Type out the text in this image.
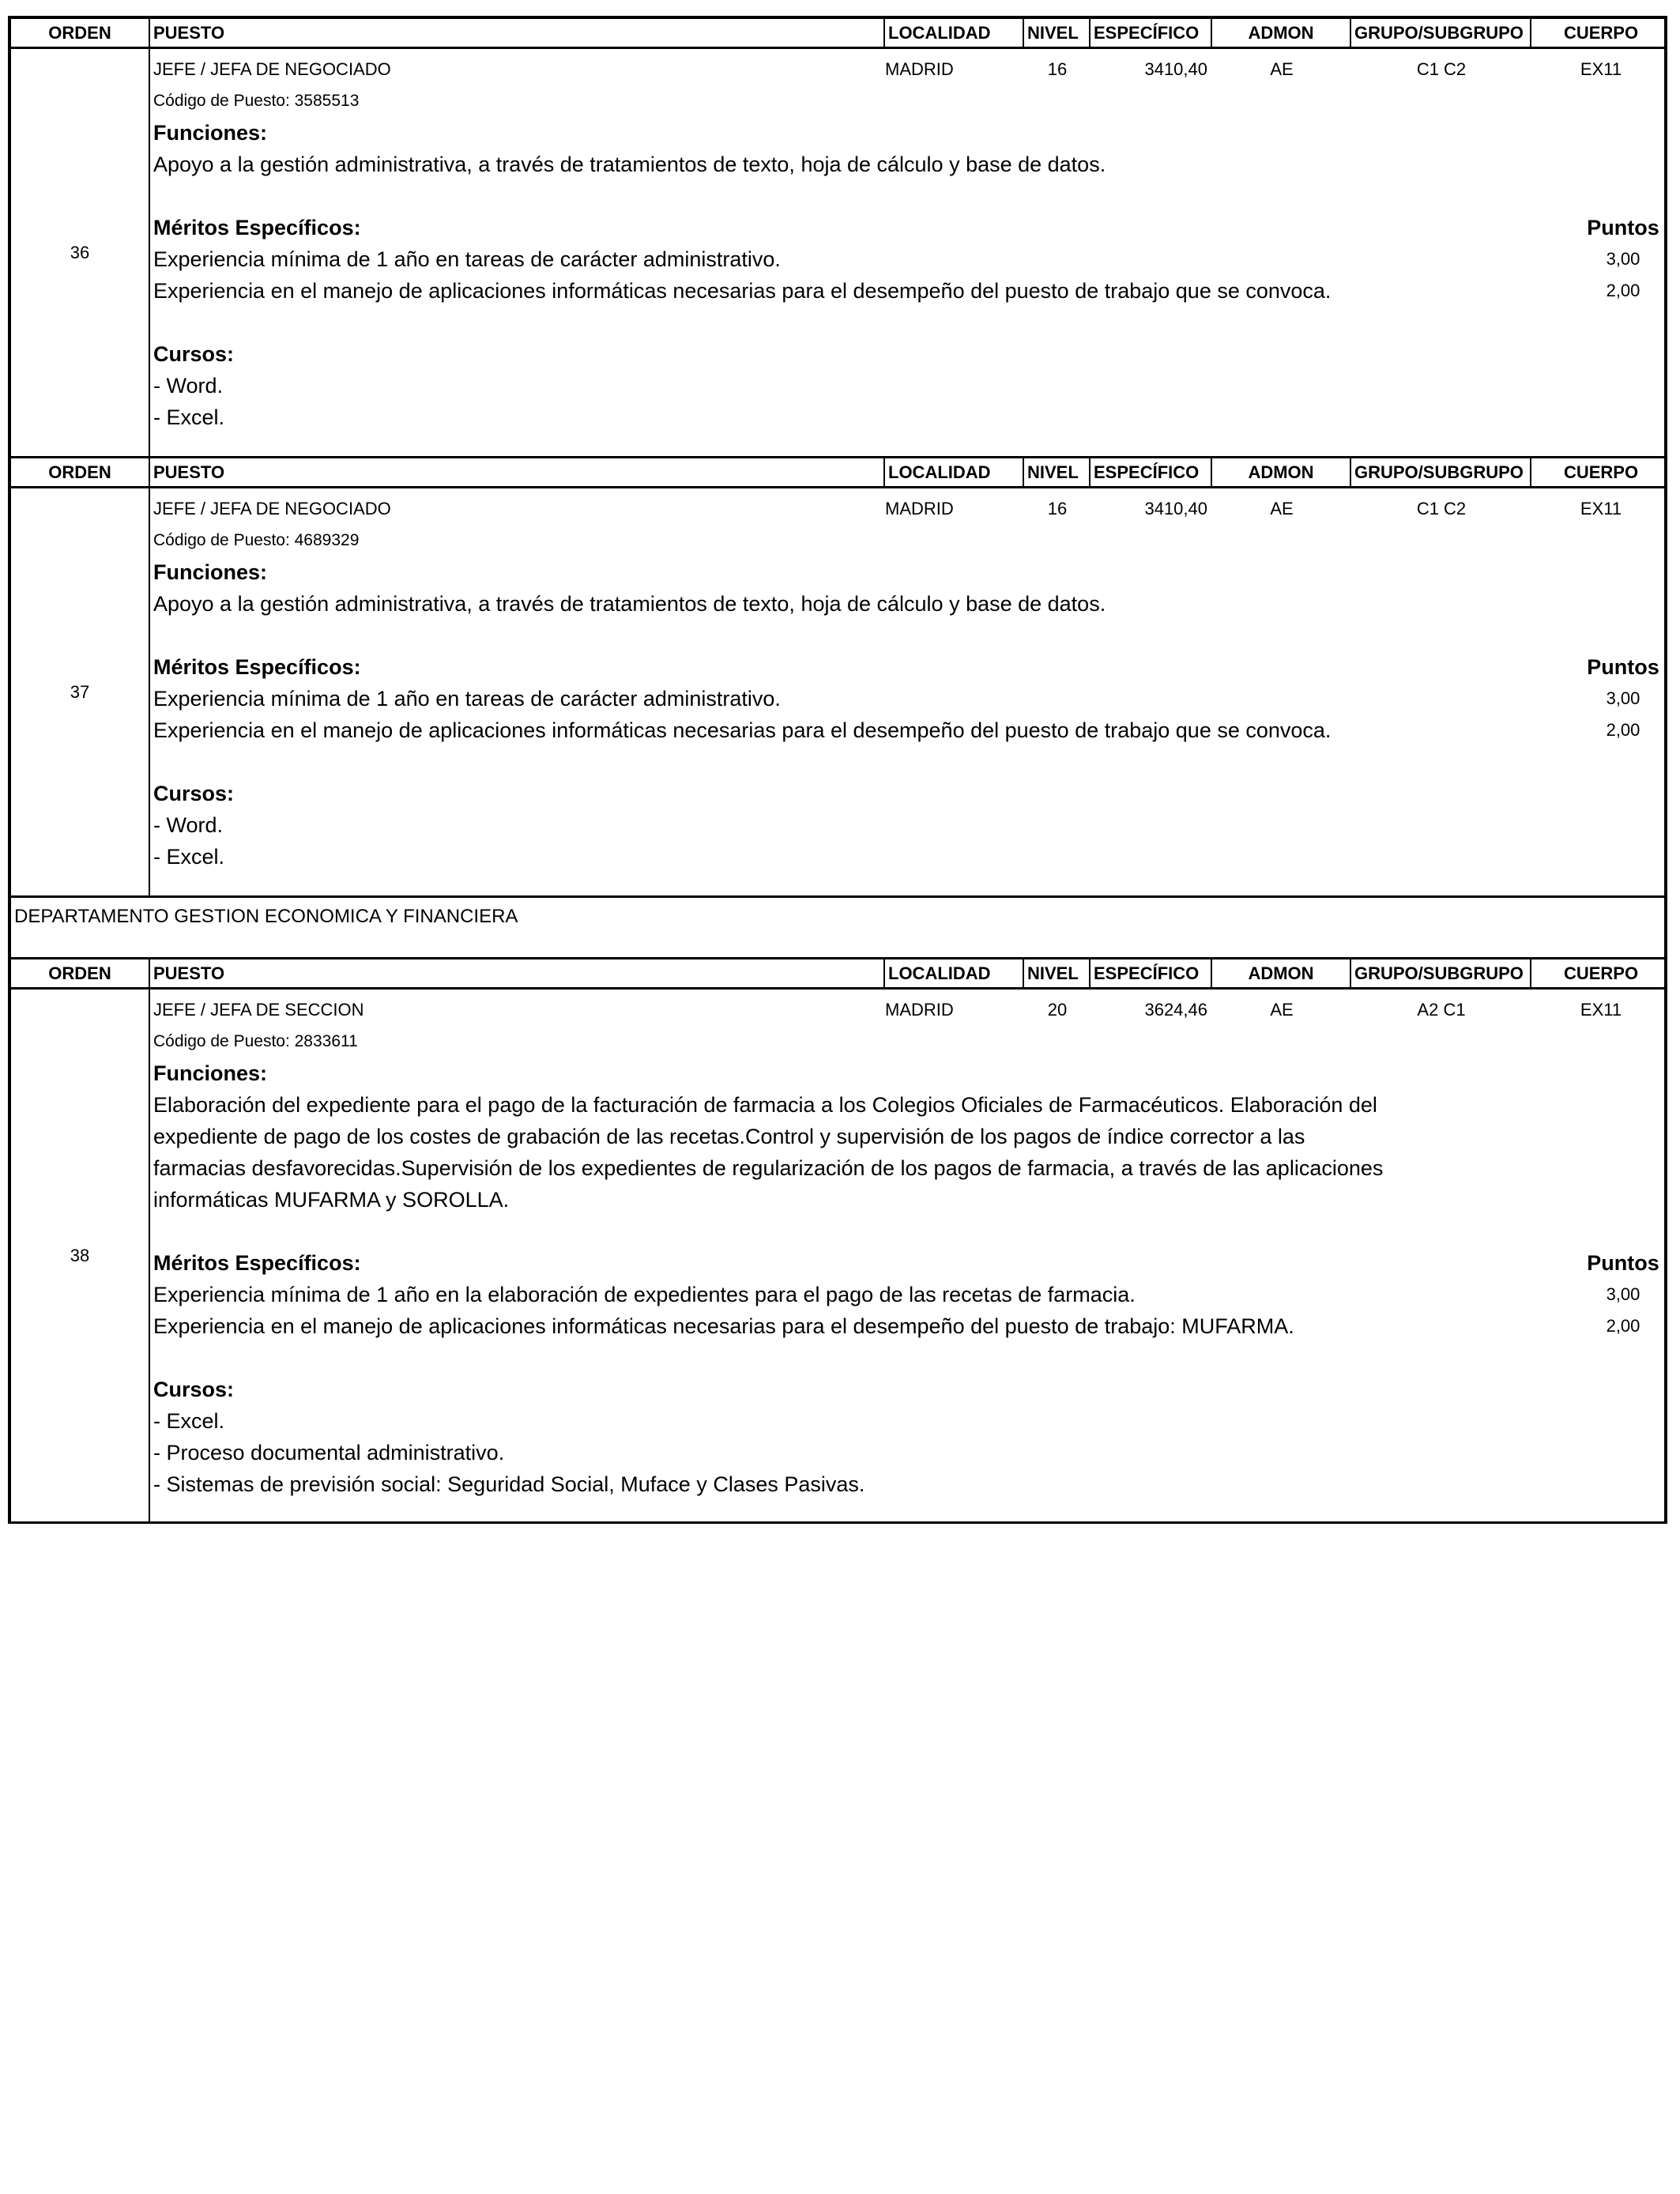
ORDEN	PUESTO	LOCALIDAD	NIVEL ESPECÍFICO	ADMON	GRUPO/SUBGRUPO	CUERPO
36
JEFE / JEFA DE NEGOCIADO	MADRID	16	3410,40	AE	C1 C2	EX11
Código de Puesto: 3585513
Funciones:
Apoyo a la gestión administrativa, a través de tratamientos de texto, hoja de cálculo y base de datos.
Méritos Específicos:	Puntos
Experiencia mínima de 1 año en tareas de carácter administrativo.	3,00
Experiencia en el manejo de aplicaciones informáticas necesarias para el desempeño del puesto de trabajo que se convoca.	2,00
Cursos:
- Word.
- Excel.
ORDEN	PUESTO	LOCALIDAD	NIVEL ESPECÍFICO	ADMON	GRUPO/SUBGRUPO	CUERPO
37
JEFE / JEFA DE NEGOCIADO	MADRID	16	3410,40	AE	C1 C2	EX11
Código de Puesto: 4689329
Funciones:
Apoyo a la gestión administrativa, a través de tratamientos de texto, hoja de cálculo y base de datos.
Méritos Específicos:	Puntos
Experiencia mínima de 1 año en tareas de carácter administrativo.	3,00
Experiencia en el manejo de aplicaciones informáticas necesarias para el desempeño del puesto de trabajo que se convoca.	2,00
Cursos:
- Word.
- Excel.
DEPARTAMENTO GESTION ECONOMICA Y FINANCIERA
ORDEN	PUESTO	LOCALIDAD	NIVEL ESPECÍFICO	ADMON	GRUPO/SUBGRUPO	CUERPO
38
JEFE / JEFA DE SECCION	MADRID	20	3624,46	AE	A2 C1	EX11
Código de Puesto: 2833611
Funciones:
Elaboración del expediente para el pago de la facturación de farmacia a los Colegios Oficiales de Farmacéuticos. Elaboración del
expediente de pago de los costes de grabación de las recetas.Control y supervisión de los pagos de índice corrector a las
farmacias desfavorecidas.Supervisión de los expedientes de regularización de los pagos de farmacia, a través de las aplicaciones
informáticas MUFARMA y SOROLLA.
Méritos Específicos:	Puntos
Experiencia mínima de 1 año en la elaboración de expedientes para el pago de las recetas de farmacia.	3,00
Experiencia en el manejo de aplicaciones informáticas necesarias para el desempeño del puesto de trabajo: MUFARMA.	2,00
Cursos:
- Excel.
- Proceso documental administrativo.
- Sistemas de previsión social: Seguridad Social, Muface y Clases Pasivas.
